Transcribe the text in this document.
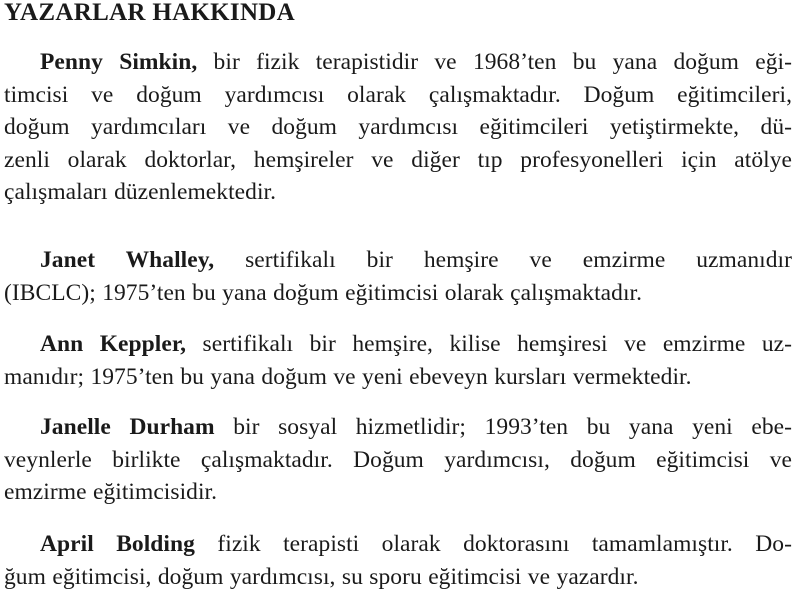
YAZARLAR HAKKINDA
Penny Simkin, bir fizik terapistidir ve 1968’ten bu yana doğum eği-
timcisi ve doğum yardımcısı olarak çalışmaktadır. Doğum eğitimcileri,
doğum yardımcıları ve doğum yardımcısı eğitimcileri yetiştirmekte, dü-
zenli olarak doktorlar, hemşireler ve diğer tıp profesyonelleri için atölye
çalışmaları düzenlemektedir.
Janet Whalley, sertifikalı bir hemşire ve emzirme uzmanıdır
(IBCLC); 1975’ten bu yana doğum eğitimcisi olarak çalışmaktadır.
Ann Keppler, sertifikalı bir hemşire, kilise hemşiresi ve emzirme uz-
manıdır; 1975’ten bu yana doğum ve yeni ebeveyn kursları vermektedir.
Janelle Durham bir sosyal hizmetlidir; 1993’ten bu yana yeni ebe-
veynlerle birlikte çalışmaktadır. Doğum yardımcısı, doğum eğitimcisi ve
emzirme eğitimcisidir.
April Bolding fizik terapisti olarak doktorasını tamamlamıştır. Do-
ğum eğitimcisi, doğum yardımcısı, su sporu eğitimcisi ve yazardır.
